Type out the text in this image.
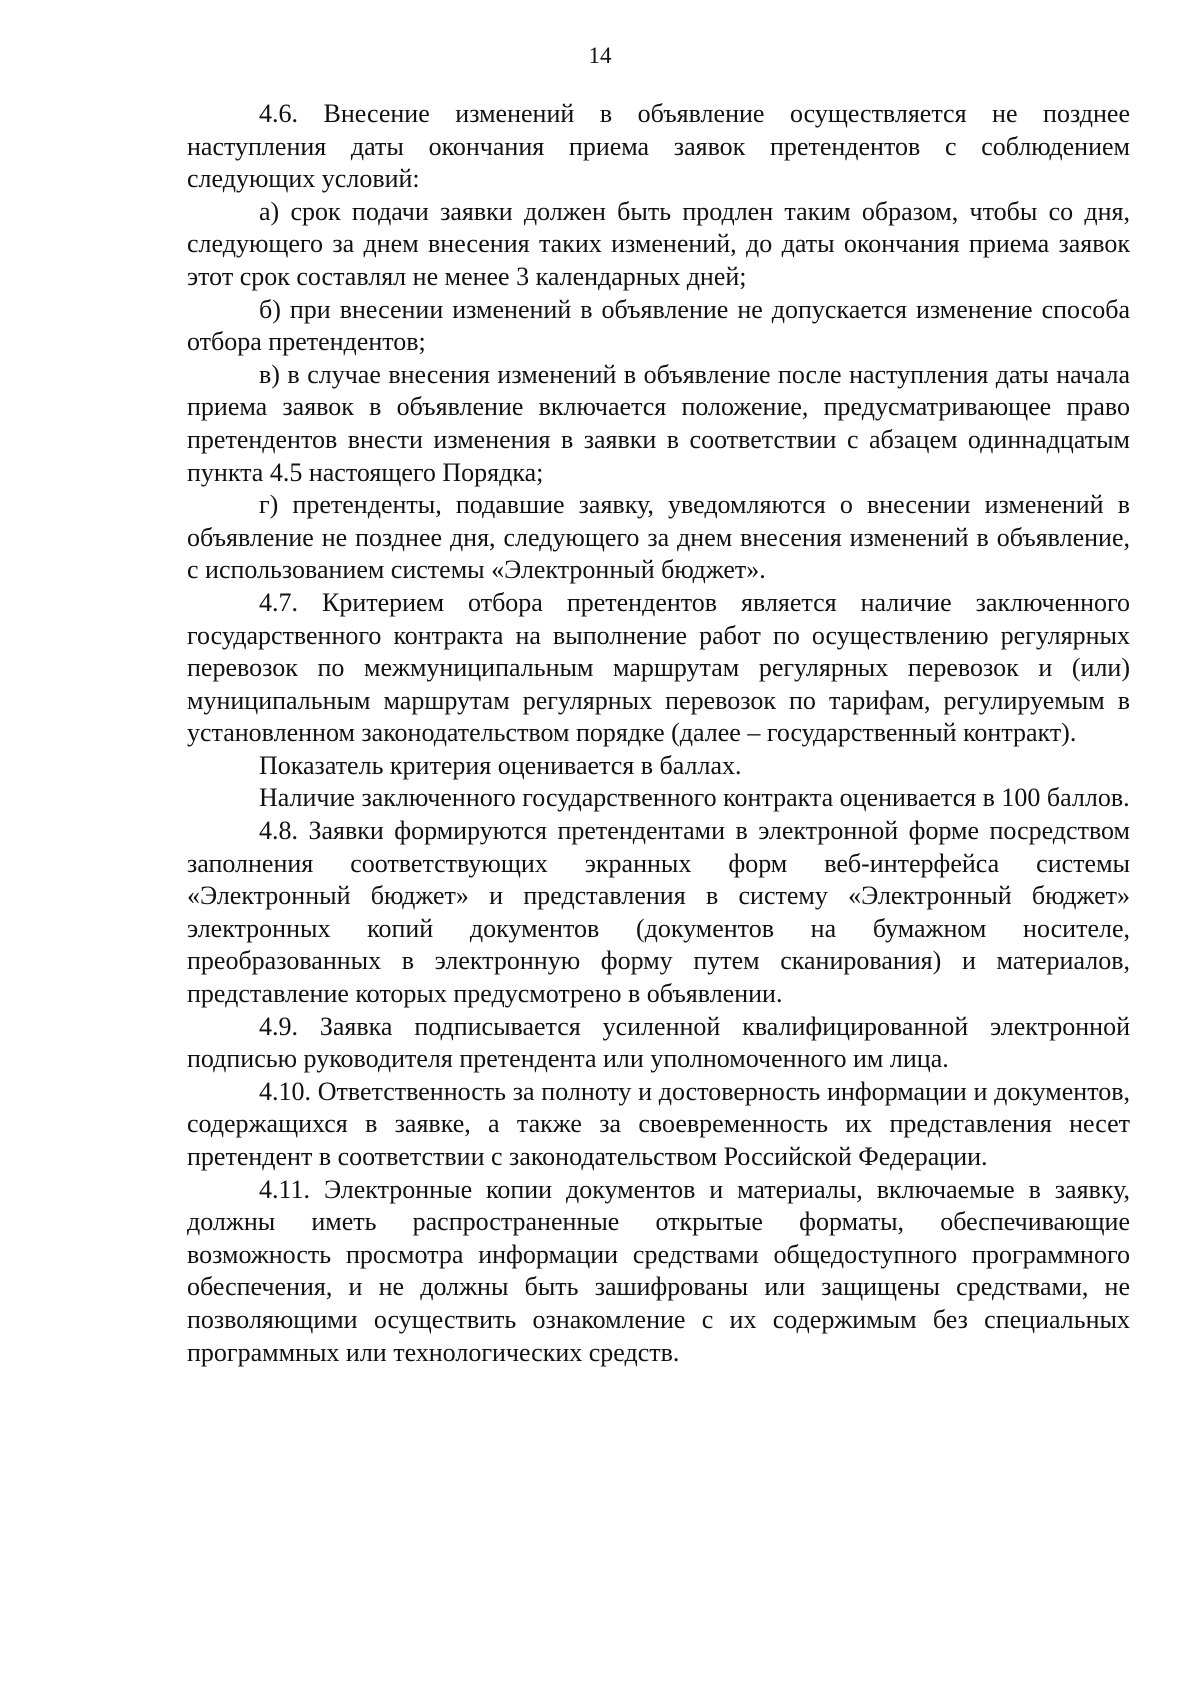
14

4.6. Внесение изменений в объявление осуществляется не позднее наступления даты окончания приема заявок претендентов с соблюдением следующих условий:

а) срок подачи заявки должен быть продлен таким образом, чтобы со дня, следующего за днем внесения таких изменений, до даты окончания приема заявок этот срок составлял не менее 3 календарных дней;

б) при внесении изменений в объявление не допускается изменение способа отбора претендентов;

в) в случае внесения изменений в объявление после наступления даты начала приема заявок в объявление включается положение, предусматривающее право претендентов внести изменения в заявки в соответствии с абзацем одиннадцатым пункта 4.5 настоящего Порядка;

г) претенденты, подавшие заявку, уведомляются о внесении изменений в объявление не позднее дня, следующего за днем внесения изменений в объявление, с использованием системы «Электронный бюджет».

4.7. Критерием отбора претендентов является наличие заключенного государственного контракта на выполнение работ по осуществлению регулярных перевозок по межмуниципальным маршрутам регулярных перевозок и (или) муниципальным маршрутам регулярных перевозок по тарифам, регулируемым в установленном законодательством порядке (далее – государственный контракт).

Показатель критерия оценивается в баллах.

Наличие заключенного государственного контракта оценивается в 100 баллов.

4.8. Заявки формируются претендентами в электронной форме посредством заполнения соответствующих экранных форм веб-интерфейса системы «Электронный бюджет» и представления в систему «Электронный бюджет» электронных копий документов (документов на бумажном носителе, преобразованных в электронную форму путем сканирования) и материалов, представление которых предусмотрено в объявлении.

4.9. Заявка подписывается усиленной квалифицированной электронной подписью руководителя претендента или уполномоченного им лица.

4.10. Ответственность за полноту и достоверность информации и документов, содержащихся в заявке, а также за своевременность их представления несет претендент в соответствии с законодательством Российской Федерации.

4.11. Электронные копии документов и материалы, включаемые в заявку, должны иметь распространенные открытые форматы, обеспечивающие возможность просмотра информации средствами общедоступного программного обеспечения, и не должны быть зашифрованы или защищены средствами, не позволяющими осуществить ознакомление с их содержимым без специальных программных или технологических средств.
